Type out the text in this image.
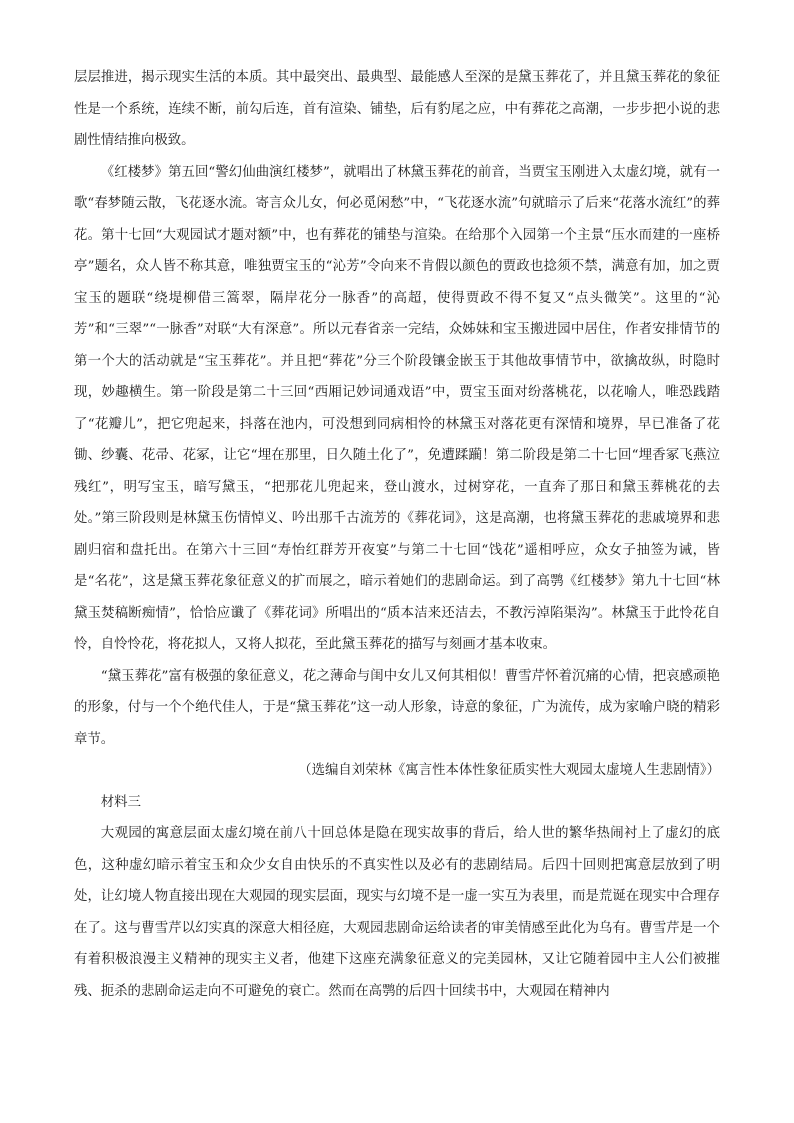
层层推进，揭示现实生活的本质。其中最突出、最典型、最能感人至深的是黛玉葬花了，并且黛玉葬花的象征性是一个系统，连续不断，前勾后连，首有渲染、铺垫，后有豹尾之应，中有葬花之高潮，一步步把小说的悲剧性情结推向极致。

《红楼梦》第五回“警幻仙曲演红楼梦”，就唱出了林黛玉葬花的前音，当贾宝玉刚进入太虚幻境，就有一歌“春梦随云散，飞花逐水流。寄言众儿女，何必觅闲愁”中，“飞花逐水流”句就暗示了后来“花落水流红”的葬花。第十七回“大观园试才题对额”中，也有葬花的铺垫与渲染。在给那个入园第一个主景“压水而建的一座桥亭”题名，众人皆不称其意，唯独贾宝玉的“沁芳”令向来不肯假以颜色的贾政也捻须不禁，满意有加，加之贾宝玉的题联“绕堤柳借三篙翠，隔岸花分一脉香”的高超，使得贾政不得不复又“点头微笑”。这里的“沁芳”和“三翠”“一脉香”对联“大有深意”。所以元春省亲一完结，众姊妹和宝玉搬进园中居住，作者安排情节的第一个大的活动就是“宝玉葬花”。并且把“葬花”分三个阶段镶金嵌玉于其他故事情节中，欲擒故纵，时隐时现，妙趣横生。第一阶段是第二十三回“西厢记妙词通戏语”中，贾宝玉面对纷落桃花，以花喻人，唯恐践踏了“花瓣儿”，把它兜起来，抖落在池内，可没想到同病相怜的林黛玉对落花更有深情和境界，早已准备了花锄、纱囊、花帚、花冢，让它“埋在那里，日久随土化了”，免遭蹂躏！第二阶段是第二十七回“埋香冢飞燕泣残红”，明写宝玉，暗写黛玉，“把那花儿兜起来，登山渡水，过树穿花，一直奔了那日和黛玉葬桃花的去处。”第三阶段则是林黛玉伤情悼义、吟出那千古流芳的《葬花词》，这是高潮，也将黛玉葬花的悲戚境界和悲剧归宿和盘托出。在第六十三回“寿怡红群芳开夜宴”与第二十七回“饯花”遥相呼应，众女子抽签为诫，皆是“名花”，这是黛玉葬花象征意义的扩而展之，暗示着她们的悲剧命运。到了高鹗《红楼梦》第九十七回“林黛玉焚稿断痴情”，恰恰应谶了《葬花词》所唱出的“质本洁来还洁去，不教污淖陷渠沟”。林黛玉于此怜花自怜，自怜怜花，将花拟人，又将人拟花，至此黛玉葬花的描写与刻画才基本收束。

“黛玉葬花”富有极强的象征意义，花之薄命与闺中女儿又何其相似！曹雪芹怀着沉痛的心情，把哀感顽艳的形象，付与一个个绝代佳人，于是“黛玉葬花”这一动人形象，诗意的象征，广为流传，成为家喻户晓的精彩章节。

（选编自刘荣林《寓言性本体性象征质实性大观园太虚境人生悲剧情》）

材料三

大观园的寓意层面太虚幻境在前八十回总体是隐在现实故事的背后，给人世的繁华热闹衬上了虚幻的底色，这种虚幻暗示着宝玉和众少女自由快乐的不真实性以及必有的悲剧结局。后四十回则把寓意层放到了明处，让幻境人物直接出现在大观园的现实层面，现实与幻境不是一虚一实互为表里，而是荒诞在现实中合理存在了。这与曹雪芹以幻实真的深意大相径庭，大观园悲剧命运给读者的审美情感至此化为乌有。曹雪芹是一个有着积极浪漫主义精神的现实主义者，他建下这座充满象征意义的完美园林，又让它随着园中主人公们被摧残、扼杀的悲剧命运走向不可避免的衰亡。然而在高鹗的后四十回续书中，大观园在精神内
